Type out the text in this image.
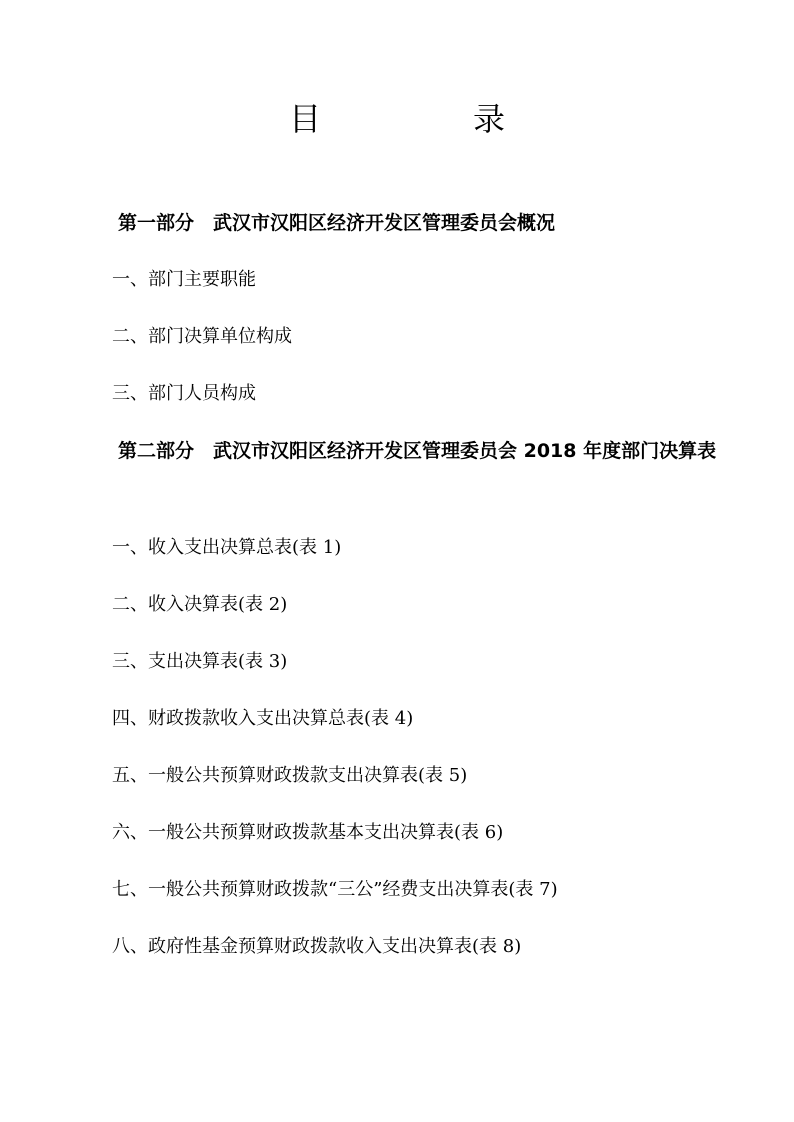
目　录

第一部分　武汉市汉阳区经济开发区管理委员会概况

一、部门主要职能

二、部门决算单位构成

三、部门人员构成

第二部分　武汉市汉阳区经济开发区管理委员会 2018 年度部门决算表

一、收入支出决算总表(表 1)

二、收入决算表(表 2)

三、支出决算表(表 3)

四、财政拨款收入支出决算总表(表 4)

五、一般公共预算财政拨款支出决算表(表 5)

六、一般公共预算财政拨款基本支出决算表(表 6)

七、一般公共预算财政拨款“三公”经费支出决算表(表 7)

八、政府性基金预算财政拨款收入支出决算表(表 8)
